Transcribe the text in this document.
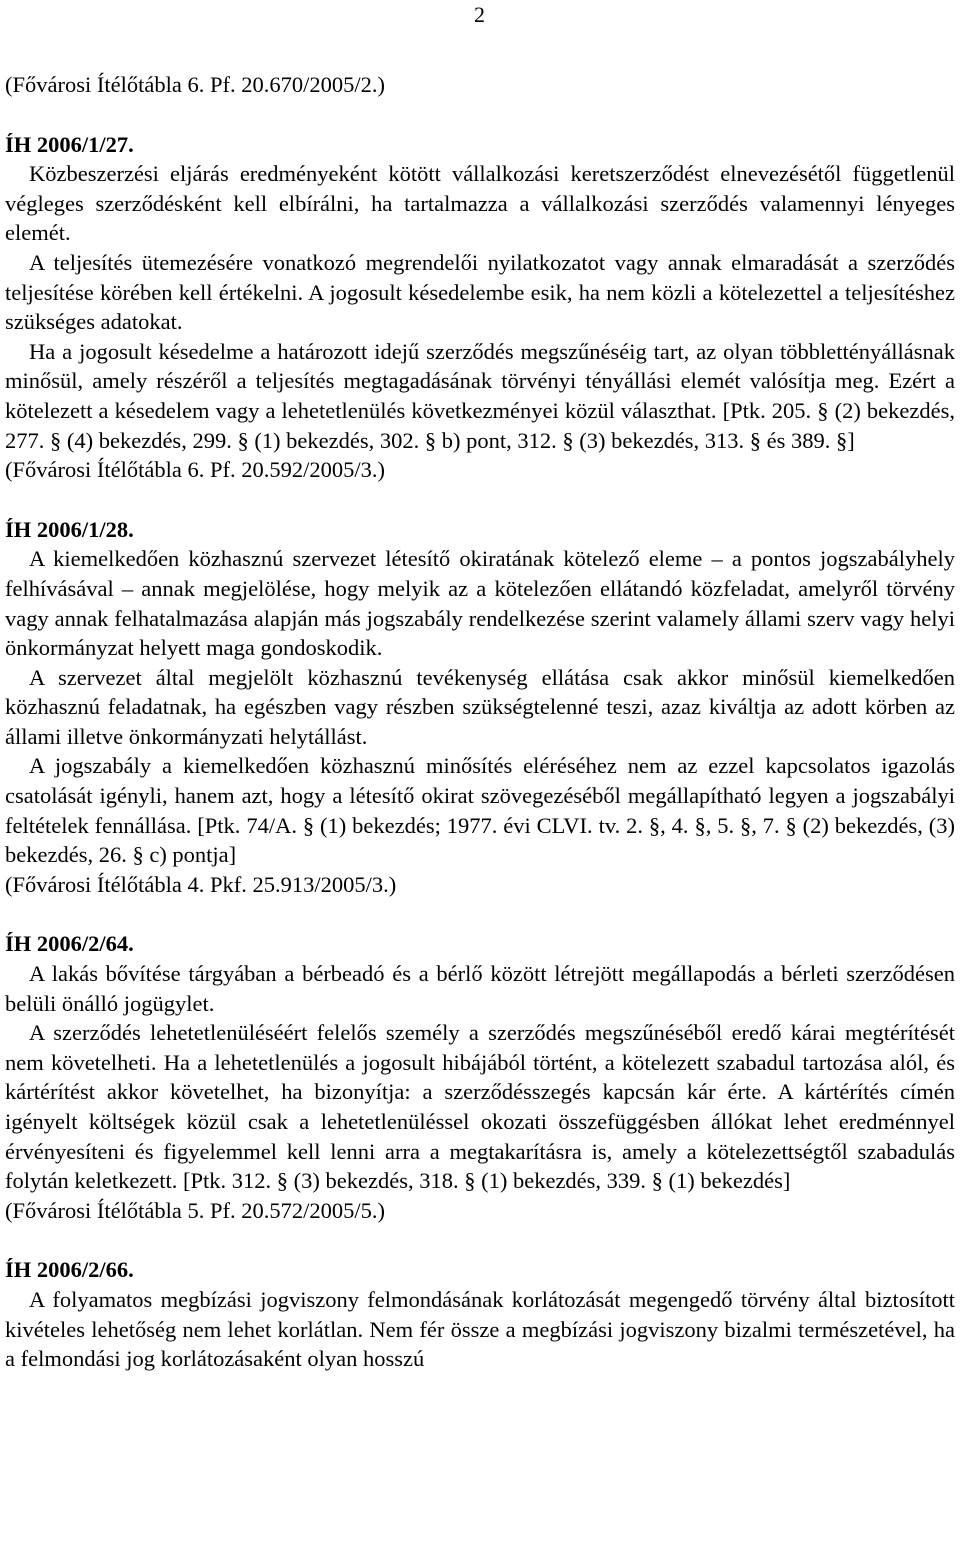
2
(Fővárosi Ítélőtábla 6. Pf. 20.670/2005/2.)
ÍH 2006/1/27.
Közbeszerzési eljárás eredményeként kötött vállalkozási keretszerződést elnevezésétől függetlenül végleges szerződésként kell elbírálni, ha tartalmazza a vállalkozási szerződés valamennyi lényeges elemét.
A teljesítés ütemezésére vonatkozó megrendelői nyilatkozatot vagy annak elmaradását a szerződés teljesítése körében kell értékelni. A jogosult késedelembe esik, ha nem közli a kötelezettel a teljesítéshez szükséges adatokat.
Ha a jogosult késedelme a határozott idejű szerződés megszűnéséig tart, az olyan többlettényállásnak minősül, amely részéről a teljesítés megtagadásának törvényi tényállási elemét valósítja meg. Ezért a kötelezett a késedelem vagy a lehetetlenülés következményei közül választhat. [Ptk. 205. § (2) bekezdés, 277. § (4) bekezdés, 299. § (1) bekezdés, 302. § b) pont, 312. § (3) bekezdés, 313. § és 389. §]
(Fővárosi Ítélőtábla 6. Pf. 20.592/2005/3.)
ÍH 2006/1/28.
A kiemelkedően közhasznú szervezet létesítő okiratának kötelező eleme – a pontos jogszabályhely felhívásával – annak megjelölése, hogy melyik az a kötelezően ellátandó közfeladat, amelyről törvény vagy annak felhatalmazása alapján más jogszabály rendelkezése szerint valamely állami szerv vagy helyi önkormányzat helyett maga gondoskodik.
A szervezet által megjelölt közhasznú tevékenység ellátása csak akkor minősül kiemelkedően közhasznú feladatnak, ha egészben vagy részben szükségtelenné teszi, azaz kiváltja az adott körben az állami illetve önkormányzati helytállást.
A jogszabály a kiemelkedően közhasznú minősítés eléréséhez nem az ezzel kapcsolatos igazolás csatolását igényli, hanem azt, hogy a létesítő okirat szövegezéséből megállapítható legyen a jogszabályi feltételek fennállása. [Ptk. 74/A. § (1) bekezdés; 1977. évi CLVI. tv. 2. §, 4. §, 5. §, 7. § (2) bekezdés, (3) bekezdés, 26. § c) pontja]
(Fővárosi Ítélőtábla 4. Pkf. 25.913/2005/3.)
ÍH 2006/2/64.
A lakás bővítése tárgyában a bérbeadó és a bérlő között létrejött megállapodás a bérleti szerződésen belüli önálló jogügylet.
A szerződés lehetetlenüléséért felelős személy a szerződés megszűnéséből eredő kárai megtérítését nem követelheti. Ha a lehetetlenülés a jogosult hibájából történt, a kötelezett szabadul tartozása alól, és kártérítést akkor követelhet, ha bizonyítja: a szerződésszegés kapcsán kár érte. A kártérítés címén igényelt költségek közül csak a lehetetlenüléssel okozati összefüggésben állókat lehet eredménnyel érvényesíteni és figyelemmel kell lenni arra a megtakarításra is, amely a kötelezettségtől szabadulás folytán keletkezett. [Ptk. 312. § (3) bekezdés, 318. § (1) bekezdés, 339. § (1) bekezdés]
(Fővárosi Ítélőtábla 5. Pf. 20.572/2005/5.)
ÍH 2006/2/66.
A folyamatos megbízási jogviszony felmondásának korlátozását megengedő törvény által biztosított kivételes lehetőség nem lehet korlátlan. Nem fér össze a megbízási jogviszony bizalmi természetével, ha a felmondási jog korlátozásaként olyan hosszú
